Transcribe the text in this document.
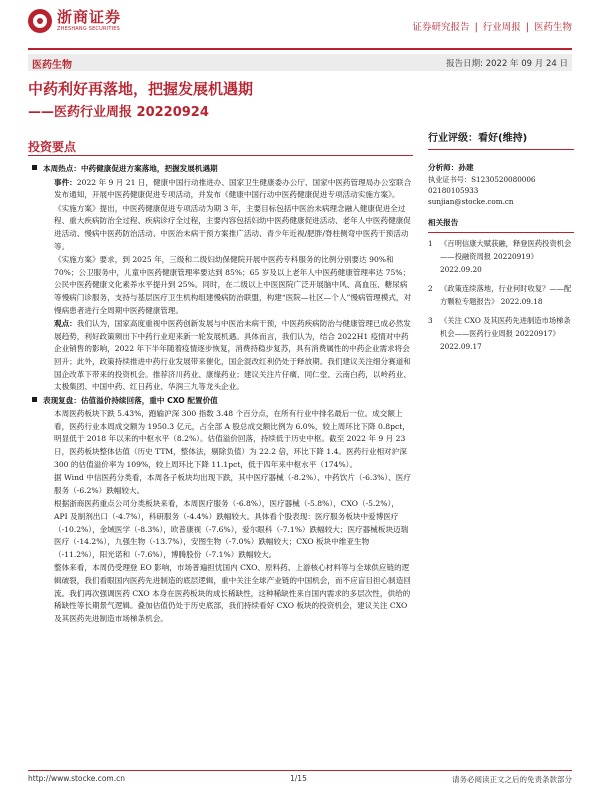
浙商证券
ZHESHANG SECURITIES	证券研究报告 | 行业周报 | 医药生物
医药生物	报告日期: 2022 年 09 月 24 日
中药利好再落地，把握发展机遇期
——医药行业周报 20220924
投资要点

本周热点：中药健康促进方案落地，把握发展机遇期

事件：2022 年 9 月 21 日，健康中国行动推进办、国家卫生健康委办公厅、国家中医药管理局办公室联合发布通知，开展中医药健康促进专项活动，并发布《健康中国行动中医药健康促进专项活动实施方案》。

《实施方案》提出，中医药健康促进专项活动为期 3 年，主要目标包括中医治未病理念融入健康促进全过程、重大疾病防治全过程、疾病诊疗全过程，主要内容包括妇幼中医药健康促进活动、老年人中医药健康促进活动、慢病中医药防治活动、中医治未病干预方案推广活动、青少年近视/肥胖/脊柱侧弯中医药干预活动等。

《实施方案》要求，到 2025 年，三级和二级妇幼保健院开展中医药专科服务的比例分别要达 90%和 70%；公卫服务中，儿童中医药健康管理率要达到 85%；65 岁及以上老年人中医药健康管理率达 75%；公民中医药健康文化素养水平提升到 25%。同时，在二级以上中医医院广泛开展脑中风、高血压、糖尿病等慢病门诊服务，支持与基层医疗卫生机构组建慢病防治联盟，构建“医院—社区—个人”慢病管理模式，对慢病患者进行全周期中医药健康管理。

观点：我们认为，国家高度重视中医药创新发展与中医治未病干预，中医药疾病防治与健康管理已成必然发展趋势，利好政策频出下中药行业迎来新一轮发展机遇。具体而言，我们认为，结合 2022H1 疫情对中药企业销售的影响，2022 年下半年随着疫情逐步恢复，消费持稳步复苏，具有消费属性的中药企业需求将会回升；此外，政策持续推进中药行业发展带来催化，国企混改红利仍处于释放期。我们建议关注细分赛道和国企改革下带来的投资机会。推荐济川药业、康缘药业；建议关注片仔癀、同仁堂、云南白药，以岭药业、太极集团、中国中药、红日药业、华润三九等龙头企业。

表现复盘：估值溢价持续回落，重中 CXO 配置价值

本周医药板块下跌 5.43%，跑输沪深 300 指数 3.48 个百分点，在所有行业中排名最后一位。成交额上看，医药行业本周成交额为 1950.3 亿元，占全部 A 股总成交额比例为 6.0%，较上周环比下降 0.8pct，明显低于 2018 年以来的中枢水平（8.2%）。估值溢价回落，持续低于历史中枢。截至 2022 年 9 月 23 日，医药板块整体估值（历史 TTM，整体法，剔除负值）为 22.2 倍，环比下降 1.4。医药行业相对沪深 300 的估值溢价率为 109%，较上周环比下降 11.1pct，低于四年来中枢水平（174%）。

据 Wind 中信医药分类看，本周各子板块均出现下跌，其中医疗器械（-8.2%）、中药饮片（-6.3%）、医疗服务（-6.2%）跌幅较大。

根据浙商医药重点公司分类板块来看，本周医疗服务（-6.8%），医疗器械（-5.8%），CXO（-5.2%），API 及制剂出口（-4.7%），科研服务（-4.4%）跌幅较大。具体看个股表现：医疗服务板块中爱博医疗（-10.2%），金域医学（-8.3%），欧普康视（-7.6%），爱尔眼科（-7.1%）跌幅较大；医疗器械板块迈瑞医疗（-14.2%），九强生物（-13.7%），安图生物（-7.0%）跌幅较大；CXO 板块中维亚生物（-11.2%），阳光诺和（-7.6%），博腾股份（-7.1%）跌幅较大。

整体来看，本周仍受理登 EO 影响，市场普遍担忧国内 CXO、原料药、上游核心材料等与全球供应链的逻辑破裂，我们看眼国内医药先进制造的底层逻辑，重中关注全球产业链的中国机会，而不应盲目担心制造回流。我们再次强调医药 CXO 本身在医药板块的成长稀缺性，这种稀缺性来自国内需求的多层次性，供给的稀缺性等长期景气逻辑。叠加估值仍处于历史底部，我们持续看好 CXO 板块的投资机会，建议关注 CXO 及其医药先进制造市场梯条机会。

行业评级：看好(维持)
分析师：孙建
执业证书号：S1230520080006
02180105933
sunjian@stocke.com.cn
相关报告
1 《百明信康大赋获融，释登医药投资机会——投融资周报 20220919》 2022.09.20
2 《政策连续落地，行业何时收复？——配方颗粒专题报告》 2022.09.18
3 《关注 CXO 及其医药先进制造市场梯条机会——医药行业周报 20220917》 2022.09.17
http://www.stocke.com.cn	1/15	请务必阅读正文之后的免责条款部分
